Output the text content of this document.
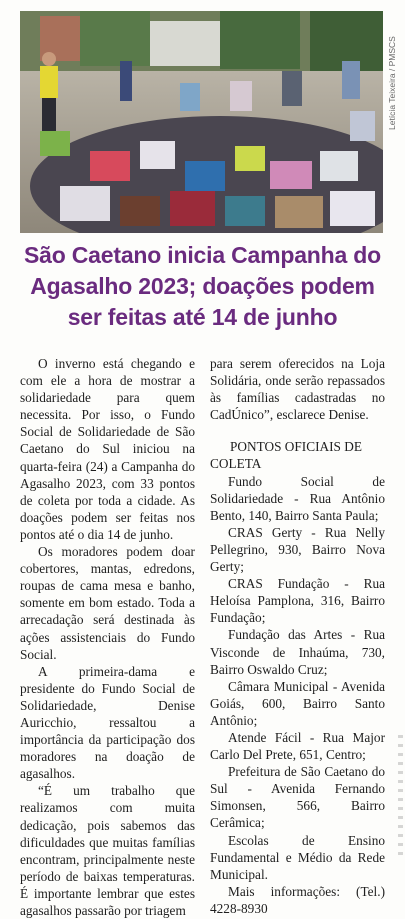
Letícia Teixeira / PMSCS
São Caetano inicia Campanha do Agasalho 2023; doações podem ser feitas até 14 de junho

O inverno está chegando e com ele a hora de mostrar a solidariedade para quem necessita. Por isso, o Fundo Social de Solidariedade de São Caetano do Sul iniciou na quarta-feira (24) a Campanha do Agasalho 2023, com 33 pontos de coleta por toda a cidade. As doações podem ser feitas nos pontos até o dia 14 de junho.

Os moradores podem doar cobertores, mantas, edredons, roupas de cama mesa e banho, somente em bom estado. Toda a arrecadação será destinada às ações assistenciais do Fundo Social.

A primeira-dama e presidente do Fundo Social de Solidariedade, Denise Auricchio, ressaltou a importância da participação dos moradores na doação de agasalhos.

“É um trabalho que realizamos com muita dedicação, pois sabemos das dificuldades que muitas famílias encontram, principalmente neste período de baixas temperaturas. É importante lembrar que estes agasalhos passarão por triagem

para serem oferecidos na Loja Solidária, onde serão repassados às famílias cadastradas no CadÚnico”, esclarece Denise.

PONTOS OFICIAIS DE COLETA

Fundo Social de Solidariedade - Rua Antônio Bento, 140, Bairro Santa Paula;

CRAS Gerty - Rua Nelly Pellegrino, 930, Bairro Nova Gerty;

CRAS Fundação - Rua Heloísa Pamplona, 316, Bairro Fundação;

Fundação das Artes - Rua Visconde de Inhaúma, 730, Bairro Oswaldo Cruz;

Câmara Municipal - Avenida Goiás, 600, Bairro Santo Antônio;

Atende Fácil - Rua Major Carlo Del Prete, 651, Centro;

Prefeitura de São Caetano do Sul - Avenida Fernando Simonsen, 566, Bairro Cerâmica;

Escolas de Ensino Fundamental e Médio da Rede Municipal.

Mais informações: (Tel.) 4228-8930
